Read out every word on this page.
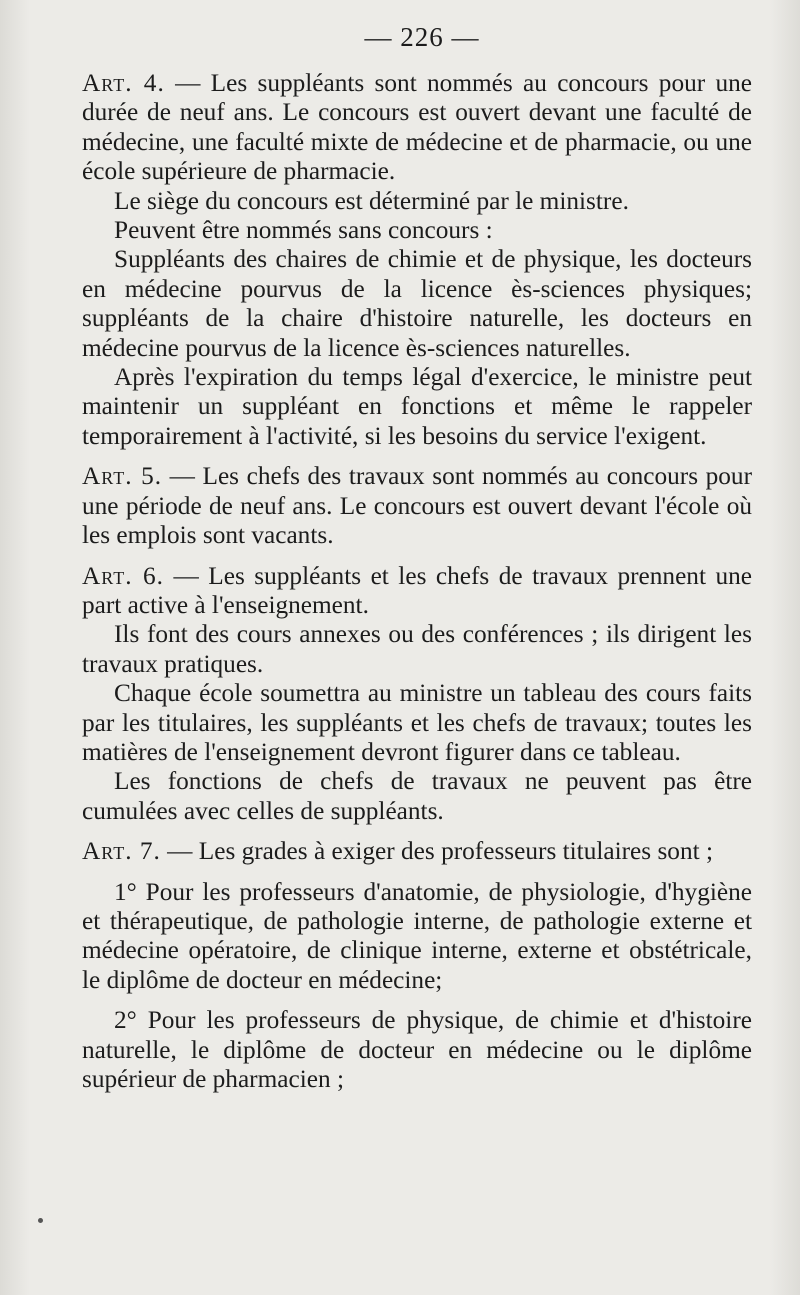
— 226 —

Art. 4. — Les suppléants sont nommés au concours pour une durée de neuf ans. Le concours est ouvert devant une faculté de médecine, une faculté mixte de médecine et de pharmacie, ou une école supérieure de pharmacie.

Le siège du concours est déterminé par le ministre.

Peuvent être nommés sans concours :

Suppléants des chaires de chimie et de physique, les docteurs en médecine pourvus de la licence ès-sciences physiques; suppléants de la chaire d'histoire naturelle, les docteurs en médecine pourvus de la licence ès-sciences naturelles.

Après l'expiration du temps légal d'exercice, le ministre peut maintenir un suppléant en fonctions et même le rappeler temporairement à l'activité, si les besoins du service l'exigent.

Art. 5. — Les chefs des travaux sont nommés au concours pour une période de neuf ans. Le concours est ouvert devant l'école où les emplois sont vacants.

Art. 6. — Les suppléants et les chefs de travaux prennent une part active à l'enseignement.

Ils font des cours annexes ou des conférences ; ils dirigent les travaux pratiques.

Chaque école soumettra au ministre un tableau des cours faits par les titulaires, les suppléants et les chefs de travaux; toutes les matières de l'enseignement devront figurer dans ce tableau.

Les fonctions de chefs de travaux ne peuvent pas être cumulées avec celles de suppléants.

Art. 7. — Les grades à exiger des professeurs titulaires sont ;

1° Pour les professeurs d'anatomie, de physiologie, d'hygiène et thérapeutique, de pathologie interne, de pathologie externe et médecine opératoire, de clinique interne, externe et obstétricale, le diplôme de docteur en médecine;

2° Pour les professeurs de physique, de chimie et d'histoire naturelle, le diplôme de docteur en médecine ou le diplôme supérieur de pharmacien ;
